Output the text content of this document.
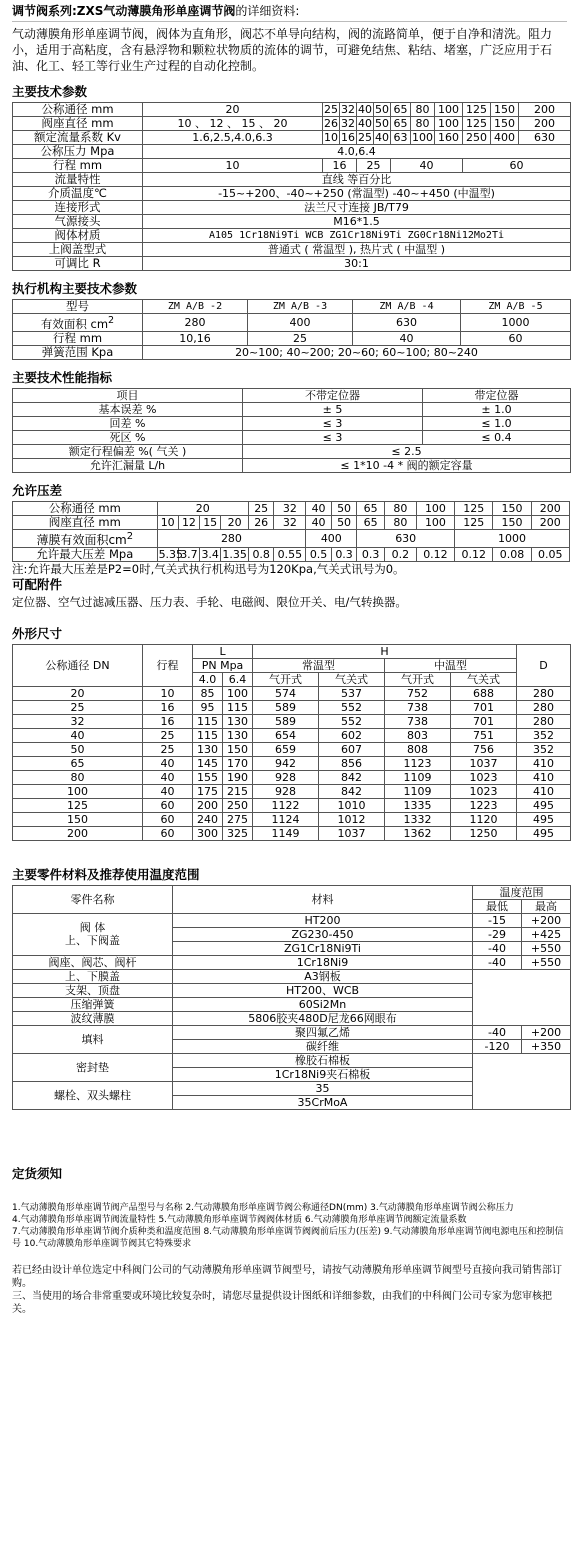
调节阀系列:ZXS气动薄膜角形单座调节阀的详细资料:

气动薄膜角形单座调节阀，阀体为直角形，阀芯不单导向结构，阀的流路简单，便于自净和清洗。阻力小，适用于高粘度，含有悬浮物和颗粒状物质的流体的调节，可避免结焦、粘结、堵塞，广泛应用于石油、化工、轻工等行业生产过程的自动化控制。

主要技术参数
公称通径 mm	20	25	32	40	50	65	80	100	125	150	200
阀座直径 mm	10 、 12 、 15 、 20	26	32	40	50	65	80	100	125	150	200
额定流量系数 Kv	1.6,2.5,4.0,6.3	10	16	25	40	63	100	160	250	400	630
公称压力 Mpa	4.0,6.4										
行程 mm	10	16		25		40			60		
流量特性	直线 等百分比										
介质温度℃	-15~+200、-40~+250 (常温型) -40~+450 (中温型)										
连接形式	法兰尺寸连接 JB/T79										
气源接头	M16*1.5										
阀体材质	A105 1Cr18Ni9Ti WCB ZG1Cr18Ni9Ti ZG0Cr18Ni12Mo2Ti										
上阀盖型式	普通式 ( 常温型 ), 热片式 ( 中温型 )										
可调比 R	30:1										
执行机构主要技术参数
型号	ZM A/B -2	ZM A/B -3	ZM A/B -4	ZM A/B -5
有效面积 $cm^2$	280	400	630	1000
行程 mm	10,16	25	40	60
弹簧范围 Kpa	20~100; 40~200; 20~60; 60~100; 80~240			
主要技术性能指标
项目	不带定位器	带定位器
基本误差 %	± 5	± 1.0
回差 %	≤ 3	≤ 1.0
死区 %	≤ 3	≤ 0.4
额定行程偏差 %( 气关 )	≤ 2.5	
允许汇漏量 L/h	≤ 1*10 -4 * 阀的额定容量	
允许压差
公称通径 mm	20				25	32	40	50	65	80	100	125	150	200
阀座直径 mm	10	12	15	20	26	32	40	50	65	80	100	125	150	200
薄膜有效面积$cm^2$	280						400		630			1000		
允许最大压差 Mpa	5.35	3.7	3.4	1.35	0.8	0.55	0.5	0.3	0.3	0.2	0.12	0.12	0.08	0.05
注:允许最大压差是P2=0时,气关式执行机构迅号为120Kpa,气关式讯号为0。
可配附件
定位器、空气过滤减压器、压力表、手轮、电磁阀、限位开关、电/气转换器。
外形尺寸
公称通径 DN	行程	L		H				D
		PN Mpa		常温型		中温型		
		4.0	6.4	气开式	气关式	气开式	气关式	
20	10	85	100	574	537	752	688	280
25	16	95	115	589	552	738	701	280
32	16	115	130	589	552	738	701	280
40	25	115	130	654	602	803	751	352
50	25	130	150	659	607	808	756	352
65	40	145	170	942	856	1123	1037	410
80	40	155	190	928	842	1109	1023	410
100	40	175	215	928	842	1109	1023	410
125	60	200	250	1122	1010	1335	1223	495
150	60	240	275	1124	1012	1332	1120	495
200	60	300	325	1149	1037	1362	1250	495
主要零件材料及推荐使用温度范围
零件名称	材料	温度范围	
		最低	最高

阀 体
上、下阀盖	HT200	-15	+200
	ZG230-450	-29	+425
	ZG1Cr18Ni9Ti	-40	+550
阀座、阀芯、阀杆	1Cr18Ni9	-40	+550
上、下膜盖	A3钢板		
支架、顶盘	HT200、WCB		
压缩弹簧	60Si2Mn		
波纹薄膜	5806胶夹480D尼龙66网眼布		
填料	聚四氟乙烯	-40	+200
	碳纤维	-120	+350
密封垫	橡胶石棉板		
	1Cr18Ni9夹石棉板		
螺栓、双头螺柱	35		
	35CrMoA		
定货须知
1.气动薄膜角形单座调节阀产品型号与名称 2.气动薄膜角形单座调节阀公称通径DN(mm) 3.气动薄膜角形单座调节阀公称压力
4.气动薄膜角形单座调节阀流量特性 5.气动薄膜角形单座调节阀阀体材质 6.气动薄膜角形单座调节阀额定流量系数
7.气动薄膜角形单座调节阀介质种类和温度范围 8.气动薄膜角形单座调节阀阀前后压力(压差) 9.气动薄膜角形单座调节阀电源电压和控制信号 10.气动薄膜角形单座调节阀其它特殊要求
若已经由设计单位选定中科阀门公司的气动薄膜角形单座调节阀型号，请按气动薄膜角形单座调节阀型号直接向我司销售部订购。
三、当使用的场合非常重要或环境比较复杂时，请您尽量提供设计图纸和详细参数，由我们的中科阀门公司专家为您审核把关。
